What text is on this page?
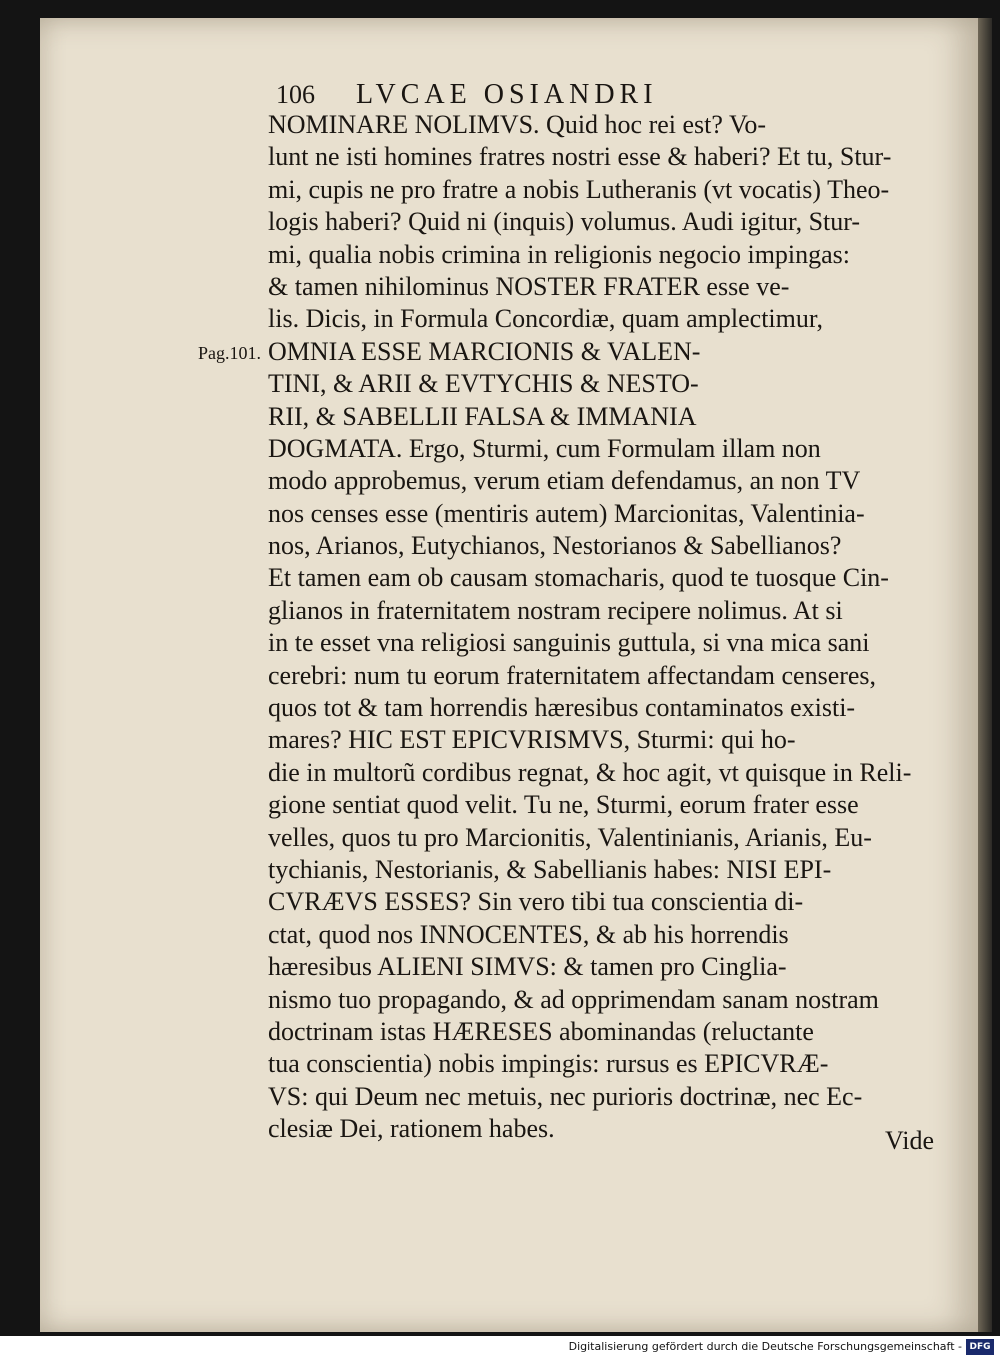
106 LVCAE OSIANDRI
Pag.101.
NOMINARE NOLIMVS. Quid hoc rei est? Vo-
lunt ne isti homines fratres nostri esse & haberi? Et tu, Stur-
mi, cupis ne pro fratre a nobis Lutheranis (vt vocatis) Theo-
logis haberi? Quid ni (inquis) volumus. Audi igitur, Stur-
mi, qualia nobis crimina in religionis negocio impingas:
& tamen nihilominus NOSTER FRATER esse ve-
lis. Dicis, in Formula Concordiæ, quam amplectimur,
OMNIA ESSE MARCIONIS & VALEN-
TINI, & ARII & EVTYCHIS & NESTO-
RII, & SABELLII FALSA & IMMANIA
DOGMATA. Ergo, Sturmi, cum Formulam illam non
modo approbemus, verum etiam defendamus, an non TV
nos censes esse (mentiris autem) Marcionitas, Valentinia-
nos, Arianos, Eutychianos, Nestorianos & Sabellianos?
Et tamen eam ob causam stomacharis, quod te tuosque Cin-
glianos in fraternitatem nostram recipere nolimus. At si
in te esset vna religiosi sanguinis guttula, si vna mica sani
cerebri: num tu eorum fraternitatem affectandam censeres,
quos tot & tam horrendis hæresibus contaminatos existi-
mares? HIC EST EPICVRISMVS, Sturmi: qui ho-
die in multorũ cordibus regnat, & hoc agit, vt quisque in Reli-
gione sentiat quod velit. Tu ne, Sturmi, eorum frater esse
velles, quos tu pro Marcionitis, Valentinianis, Arianis, Eu-
tychianis, Nestorianis, & Sabellianis habes: NISI EPI-
CVRÆVS ESSES? Sin vero tibi tua conscientia di-
ctat, quod nos INNOCENTES, & ab his horrendis
hæresibus ALIENI SIMVS: & tamen pro Cinglia-
nismo tuo propagando, & ad opprimendam sanam nostram
doctrinam istas HÆRESES abominandas (reluctante
tua conscientia) nobis impingis: rursus es EPICVRÆ-
VS: qui Deum nec metuis, nec purioris doctrinæ, nec Ec-
clesiæ Dei, rationem habes.	Vide
Digitalisierung gefördert durch die Deutsche Forschungsgemeinschaft - DFG
